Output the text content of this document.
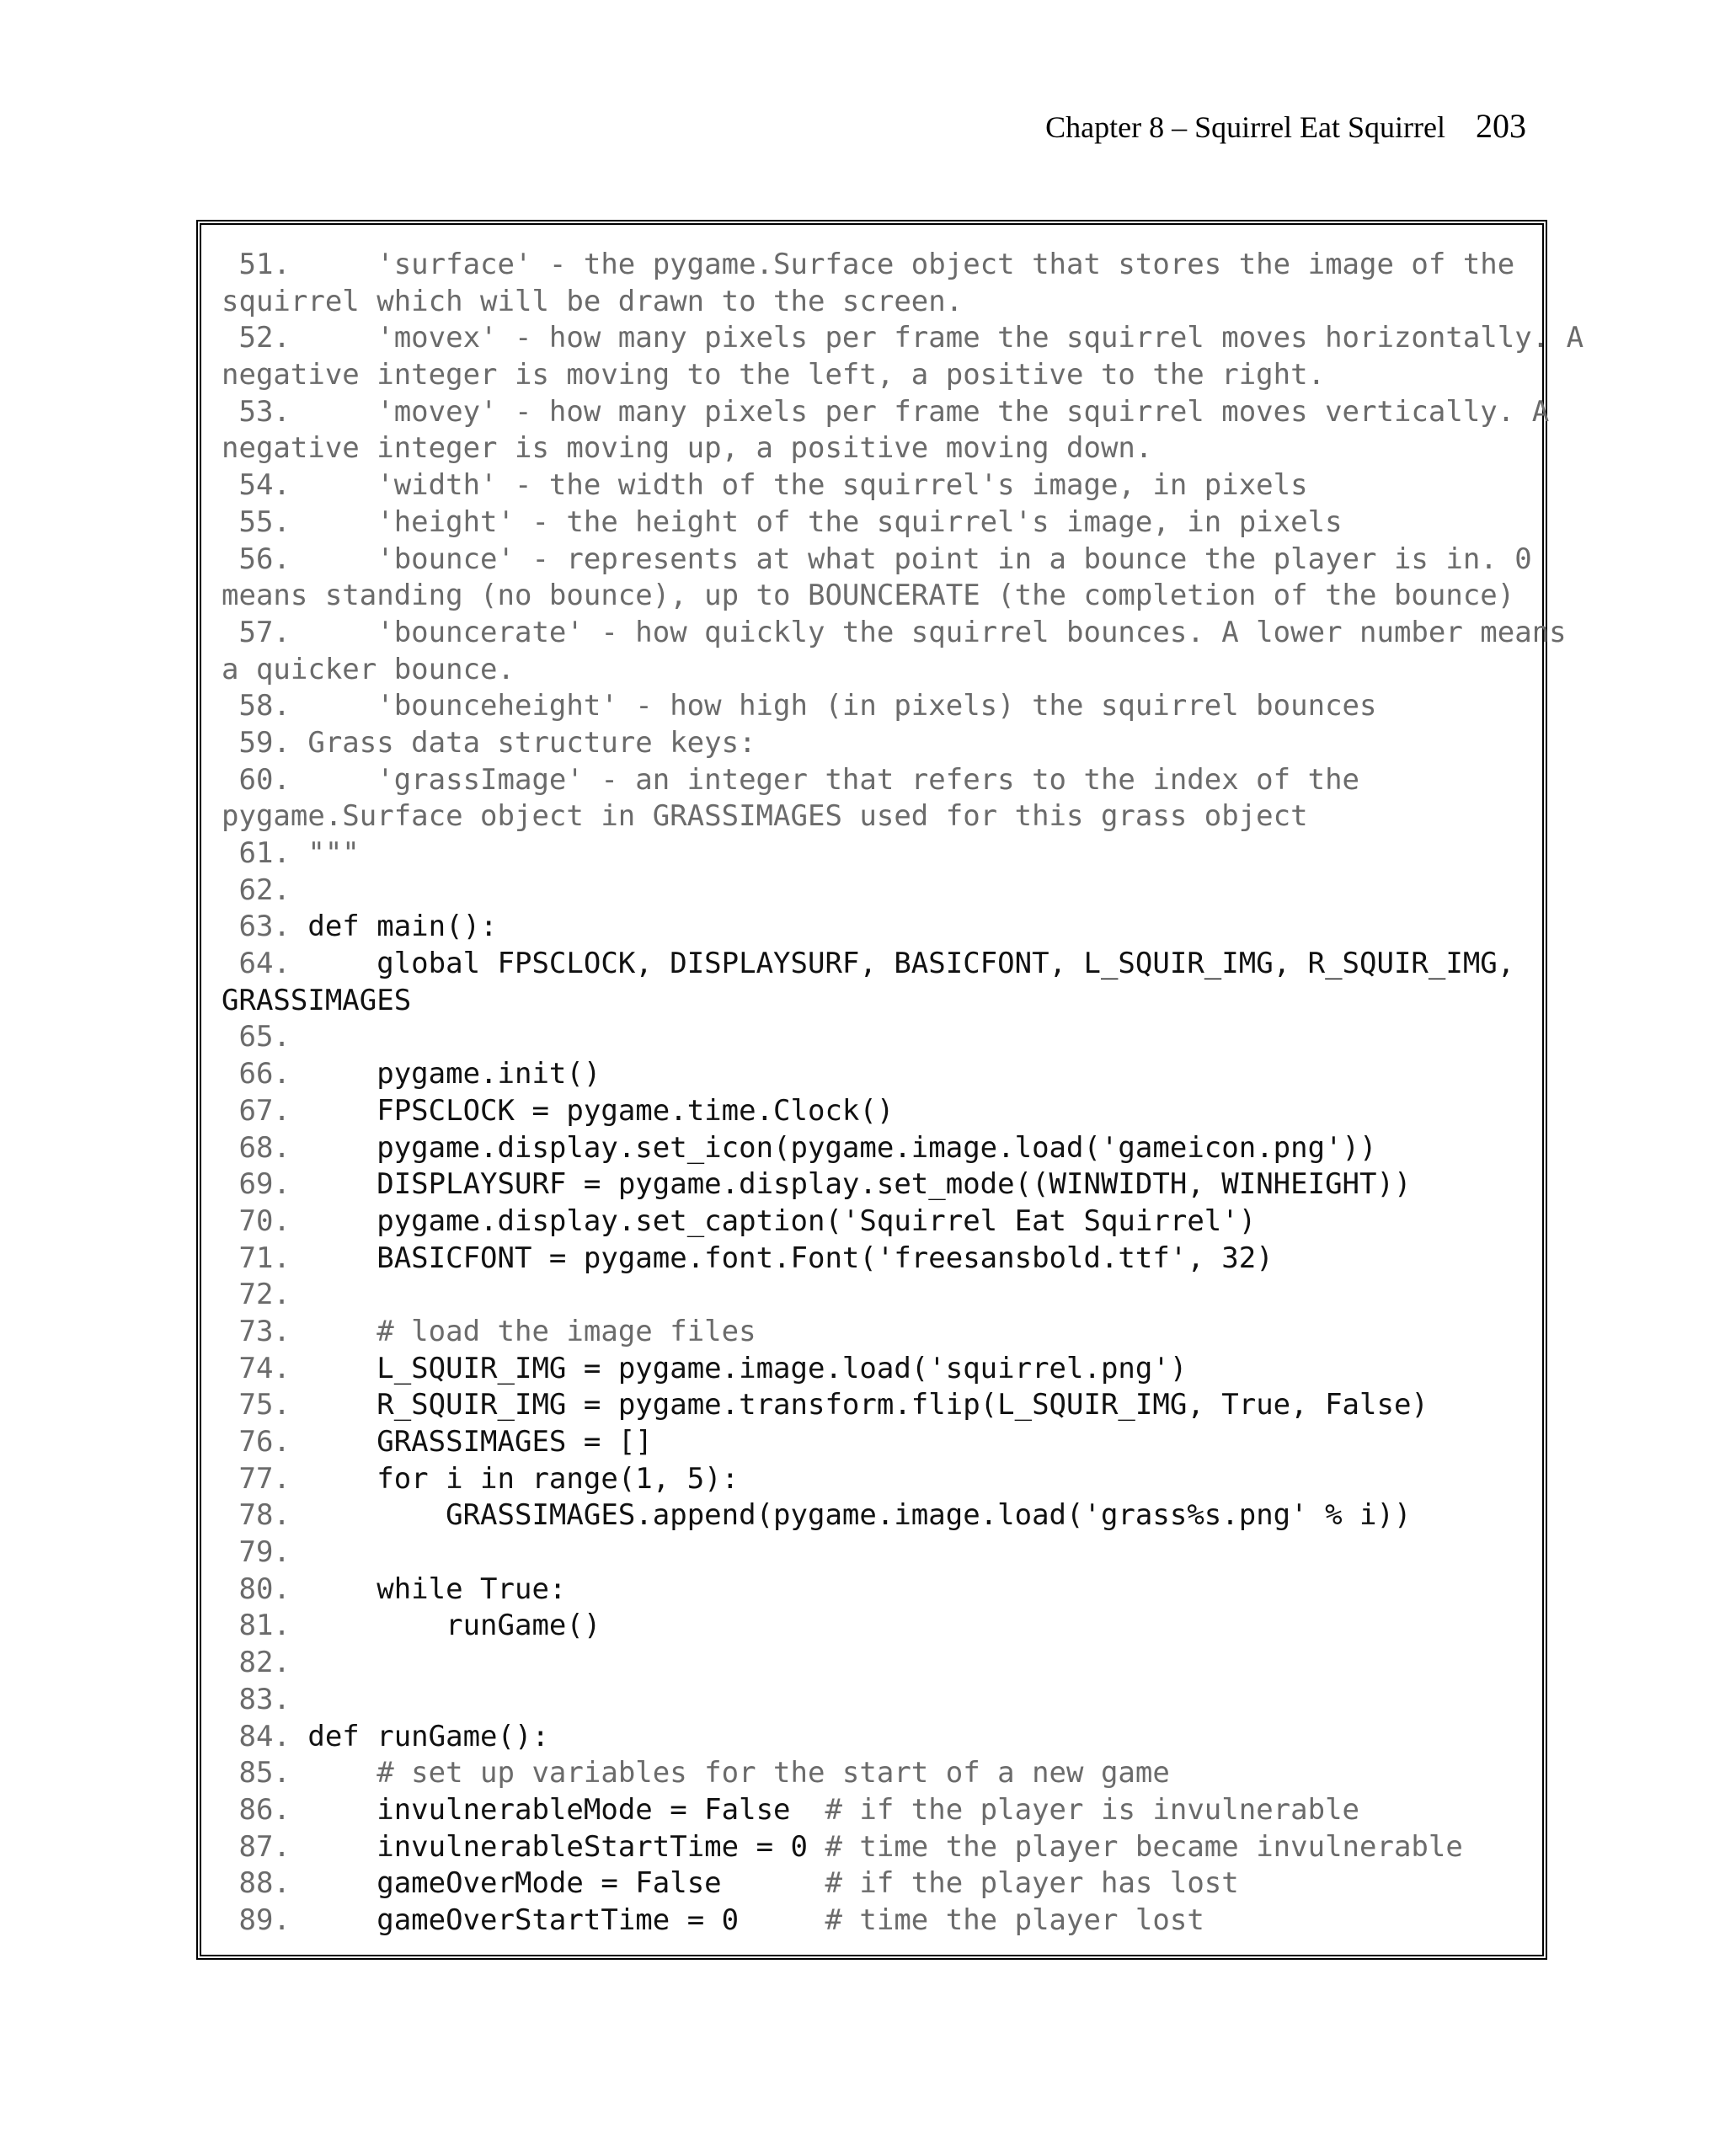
Chapter 8 – Squirrel Eat Squirrel 203
51.     'surface' - the pygame.Surface object that stores the image of the
squirrel which will be drawn to the screen.
52.     'movex' - how many pixels per frame the squirrel moves horizontally. A
negative integer is moving to the left, a positive to the right.
53.     'movey' - how many pixels per frame the squirrel moves vertically. A
negative integer is moving up, a positive moving down.
54.     'width' - the width of the squirrel's image, in pixels
55.     'height' - the height of the squirrel's image, in pixels
56.     'bounce' - represents at what point in a bounce the player is in. 0
means standing (no bounce), up to BOUNCERATE (the completion of the bounce)
57.     'bouncerate' - how quickly the squirrel bounces. A lower number means
a quicker bounce.
58.     'bounceheight' - how high (in pixels) the squirrel bounces
59. Grass data structure keys:
60.     'grassImage' - an integer that refers to the index of the
pygame.Surface object in GRASSIMAGES used for this grass object
61. """
62.
63. def main():
64.     global FPSCLOCK, DISPLAYSURF, BASICFONT, L_SQUIR_IMG, R_SQUIR_IMG,
GRASSIMAGES
65.
66.     pygame.init()
67.     FPSCLOCK = pygame.time.Clock()
68.     pygame.display.set_icon(pygame.image.load('gameicon.png'))
69.     DISPLAYSURF = pygame.display.set_mode((WINWIDTH, WINHEIGHT))
70.     pygame.display.set_caption('Squirrel Eat Squirrel')
71.     BASICFONT = pygame.font.Font('freesansbold.ttf', 32)
72.
73.     # load the image files
74.     L_SQUIR_IMG = pygame.image.load('squirrel.png')
75.     R_SQUIR_IMG = pygame.transform.flip(L_SQUIR_IMG, True, False)
76.     GRASSIMAGES = []
77.     for i in range(1, 5):
78.         GRASSIMAGES.append(pygame.image.load('grass%s.png' % i))
79.
80.     while True:
81.         runGame()
82.
83.
84. def runGame():
85.     # set up variables for the start of a new game
86.     invulnerableMode = False  # if the player is invulnerable
87.     invulnerableStartTime = 0 # time the player became invulnerable
88.     gameOverMode = False      # if the player has lost
89.     gameOverStartTime = 0     # time the player lost
